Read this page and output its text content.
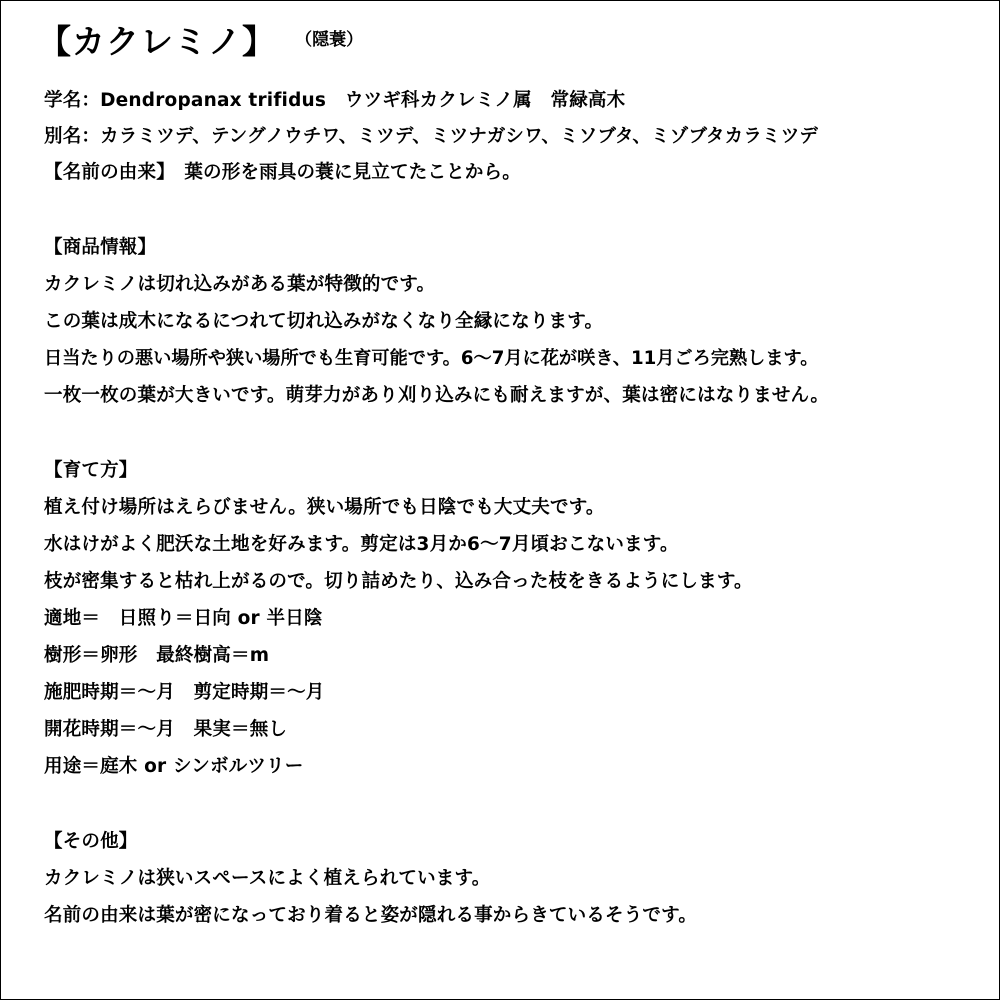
【カクレミノ】 （隠蓑）
学名：Dendropanax trifidus　ウツギ科カクレミノ属　常緑高木
別名：カラミツデ、テングノウチワ、ミツデ、ミツナガシワ、ミソブタ、ミゾブタカラミツデ
【名前の由来】　葉の形を雨具の蓑に見立てたことから。
【商品情報】
カクレミノは切れ込みがある葉が特徴的です。
この葉は成木になるにつれて切れ込みがなくなり全縁になります。
日当たりの悪い場所や狭い場所でも生育可能です。6～7月に花が咲き、11月ごろ完熟します。
一枚一枚の葉が大きいです。萌芽力があり刈り込みにも耐えますが、葉は密にはなりません。
【育て方】
植え付け場所はえらびません。狭い場所でも日陰でも大丈夫です。
水はけがよく肥沃な土地を好みます。剪定は3月か6～7月頃おこないます。
枝が密集すると枯れ上がるので。切り詰めたり、込み合った枝をきるようにします。
適地＝　日照り＝日向 or 半日陰
樹形＝卵形　最終樹高＝m
施肥時期＝～月　剪定時期＝～月
開花時期＝～月　果実＝無し
用途＝庭木 or シンボルツリー
【その他】
カクレミノは狭いスペースによく植えられています。
名前の由来は葉が密になっており着ると姿が隠れる事からきているそうです。
